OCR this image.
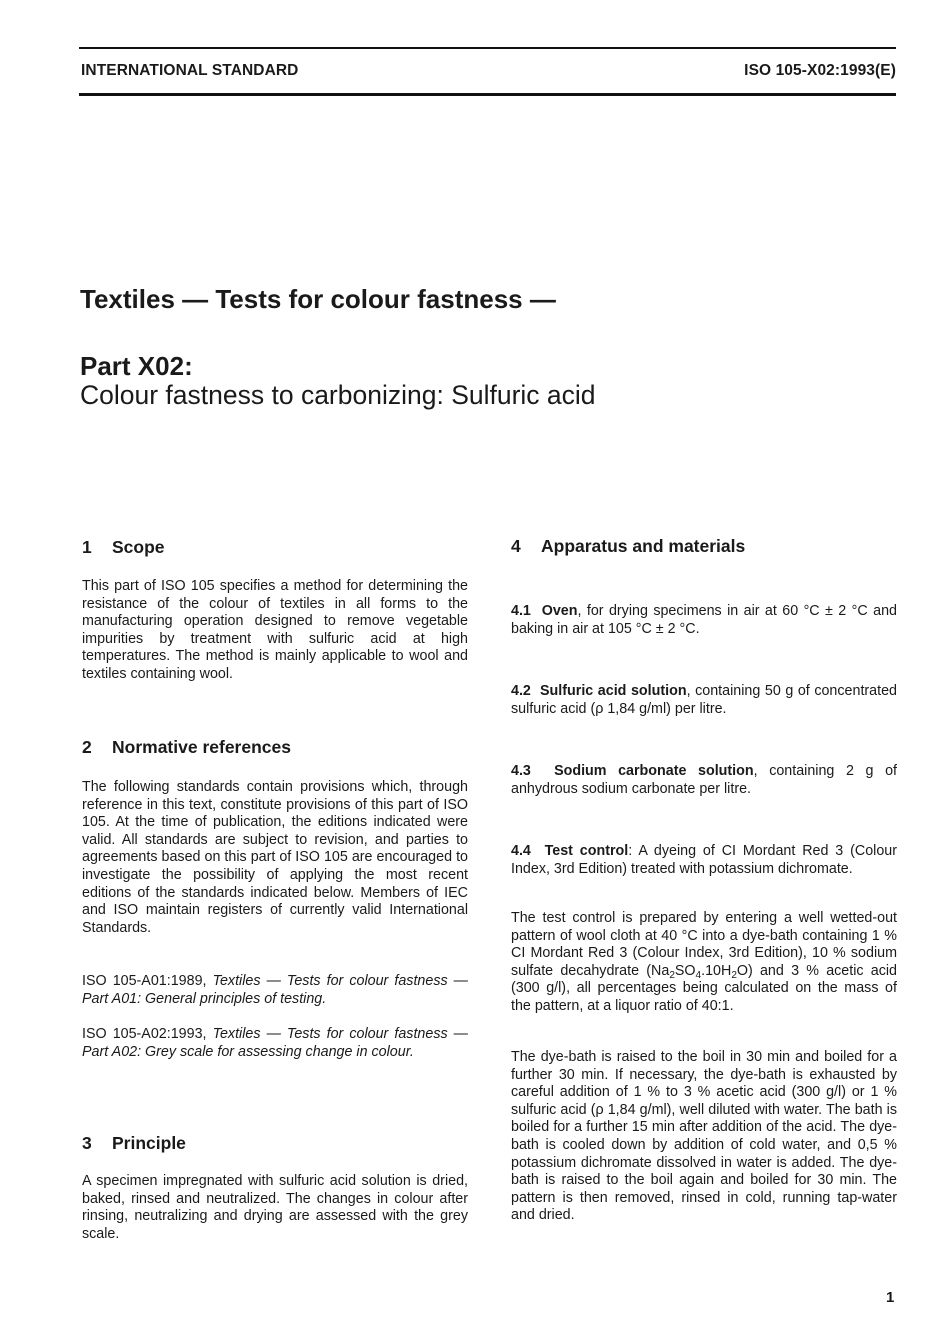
INTERNATIONAL STANDARD	ISO 105-X02:1993(E)
Textiles — Tests for colour fastness —
Part X02:
Colour fastness to carbonizing: Sulfuric acid
1 Scope

This part of ISO 105 specifies a method for determining the resistance of the colour of textiles in all forms to the manufacturing operation designed to remove vegetable impurities by treatment with sulfuric acid at high temperatures. The method is mainly applicable to wool and textiles containing wool.

2 Normative references

The following standards contain provisions which, through reference in this text, constitute provisions of this part of ISO 105. At the time of publication, the editions indicated were valid. All standards are subject to revision, and parties to agreements based on this part of ISO 105 are encouraged to investigate the possibility of applying the most recent editions of the standards indicated below. Members of IEC and ISO maintain registers of currently valid International Standards.

ISO 105-A01:1989, Textiles — Tests for colour fastness — Part A01: General principles of testing.

ISO 105-A02:1993, Textiles — Tests for colour fastness — Part A02: Grey scale for assessing change in colour.

3 Principle

A specimen impregnated with sulfuric acid solution is dried, baked, rinsed and neutralized. The changes in colour after rinsing, neutralizing and drying are assessed with the grey scale.

4 Apparatus and materials

4.1 Oven, for drying specimens in air at 60 °C ± 2 °C and baking in air at 105 °C ± 2 °C.

4.2 Sulfuric acid solution, containing 50 g of concentrated sulfuric acid (ρ 1,84 g/ml) per litre.

4.3 Sodium carbonate solution, containing 2 g of anhydrous sodium carbonate per litre.

4.4 Test control: A dyeing of CI Mordant Red 3 (Colour Index, 3rd Edition) treated with potassium dichromate.

The test control is prepared by entering a well wetted-out pattern of wool cloth at 40 °C into a dye-bath containing 1 % CI Mordant Red 3 (Colour Index, 3rd Edition), 10 % sodium sulfate decahydrate $(Na_2SO_4.10H_2O)$ and 3 % acetic acid (300 g/l), all percentages being calculated on the mass of the pattern, at a liquor ratio of 40:1.

The dye-bath is raised to the boil in 30 min and boiled for a further 30 min. If necessary, the dye-bath is exhausted by careful addition of 1 % to 3 % acetic acid (300 g/l) or 1 % sulfuric acid (ρ 1,84 g/ml), well diluted with water. The bath is boiled for a further 15 min after addition of the acid. The dye-bath is cooled down by addition of cold water, and 0,5 % potassium dichromate dissolved in water is added. The dye-bath is raised to the boil again and boiled for 30 min. The pattern is then removed, rinsed in cold, running tap-water and dried.

1
